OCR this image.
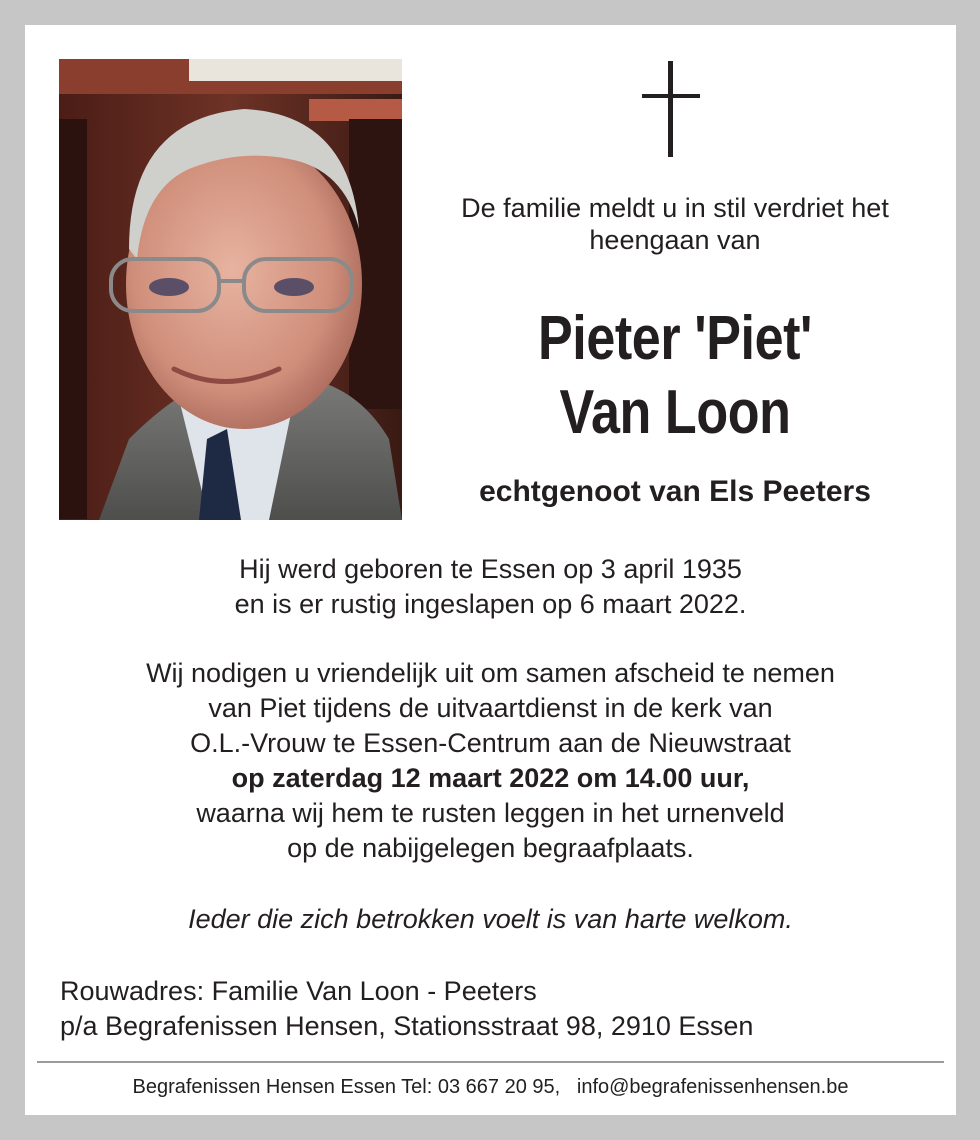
De familie meldt u in stil verdriet het
heengaan van
Pieter 'Piet'
Van Loon
echtgenoot van Els Peeters
Hij werd geboren te Essen op 3 april 1935
en is er rustig ingeslapen op 6 maart 2022.
Wij nodigen u vriendelijk uit om samen afscheid te nemen
van Piet tijdens de uitvaartdienst in de kerk van
O.L.-Vrouw te Essen-Centrum aan de Nieuwstraat
op zaterdag 12 maart 2022 om 14.00 uur,
waarna wij hem te rusten leggen in het urnenveld
op de nabijgelegen begraafplaats.
Ieder die zich betrokken voelt is van harte welkom.
Rouwadres: Familie Van Loon - Peeters
p/a Begrafenissen Hensen, Stationsstraat 98, 2910 Essen
Begrafenissen Hensen Essen Tel: 03 667 20 95, info@begrafenissenhensen.be
